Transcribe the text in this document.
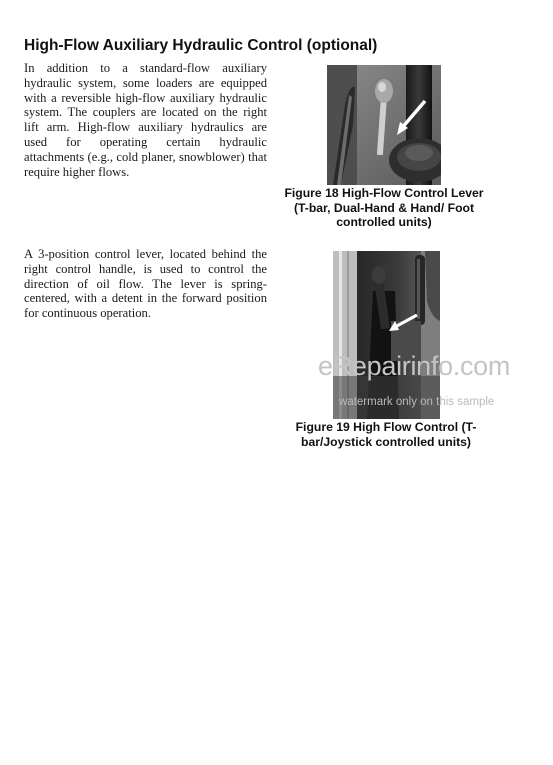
High-Flow Auxiliary Hydraulic Control (optional)

In addition to a standard-flow auxiliary hydraulic system, some loaders are equipped with a reversible high-flow auxiliary hydraulic system. The couplers are located on the right lift arm. High-flow auxiliary hydraulics are used for operating certain hydraulic attachments (e.g., cold planer, snowblower) that require higher flows.

A 3-position control lever, located behind the right control handle, is used to control the direction of oil flow. The lever is spring-centered, with a detent in the forward position for continuous operation.

Figure 18 High-Flow Control Lever (T-bar, Dual-Hand & Hand/ Foot controlled units)
Figure 19 High Flow Control (T-bar/Joystick controlled units)
eRepairinfo.com
watermark only on this sample
